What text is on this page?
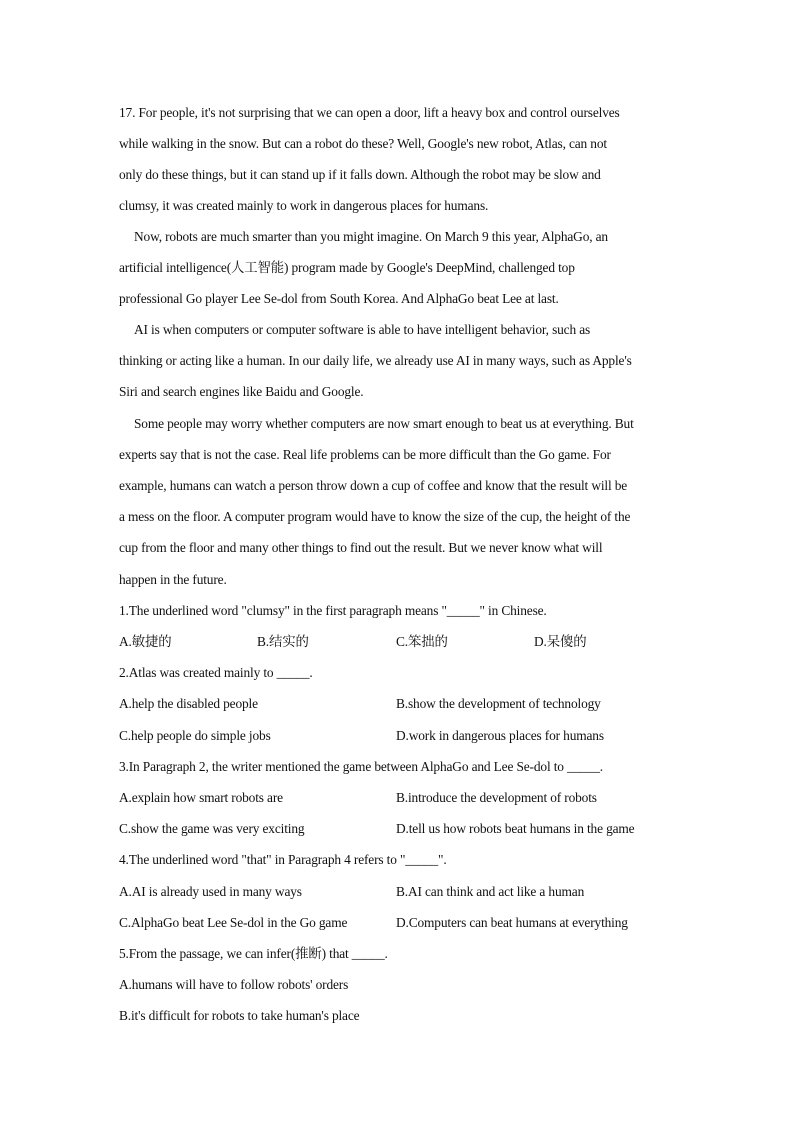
17. For people, it's not surprising that we can open a door, lift a heavy box and control ourselves
while walking in the snow. But can a robot do these? Well, Google's new robot, Atlas, can not
only do these things, but it can stand up if it falls down. Although the robot may be slow and
clumsy, it was created mainly to work in dangerous places for humans.
Now, robots are much smarter than you might imagine. On March 9 this year, AlphaGo, an
artificial intelligence(人工智能) program made by Google's DeepMind, challenged top
professional Go player Lee Se-dol from South Korea. And AlphaGo beat Lee at last.
AI is when computers or computer software is able to have intelligent behavior, such as
thinking or acting like a human. In our daily life, we already use AI in many ways, such as Apple's
Siri and search engines like Baidu and Google.
Some people may worry whether computers are now smart enough to beat us at everything. But
experts say that is not the case. Real life problems can be more difficult than the Go game. For
example, humans can watch a person throw down a cup of coffee and know that the result will be
a mess on the floor. A computer program would have to know the size of the cup, the height of the
cup from the floor and many other things to find out the result. But we never know what will
happen in the future.
1.The underlined word "clumsy" in the first paragraph means "_____" in Chinese.
A.敏捷的	B.结实的	C.笨拙的	D.呆傻的
2.Atlas was created mainly to _____.
A.help the disabled people	B.show the development of technology
C.help people do simple jobs	D.work in dangerous places for humans
3.In Paragraph 2, the writer mentioned the game between AlphaGo and Lee Se-dol to _____.
A.explain how smart robots are	B.introduce the development of robots
C.show the game was very exciting	D.tell us how robots beat humans in the game
4.The underlined word "that" in Paragraph 4 refers to "_____".
A.AI is already used in many ways	B.AI can think and act like a human
C.AlphaGo beat Lee Se-dol in the Go game	D.Computers can beat humans at everything
5.From the passage, we can infer(推断) that _____.
A.humans will have to follow robots' orders
B.it's difficult for robots to take human's place
